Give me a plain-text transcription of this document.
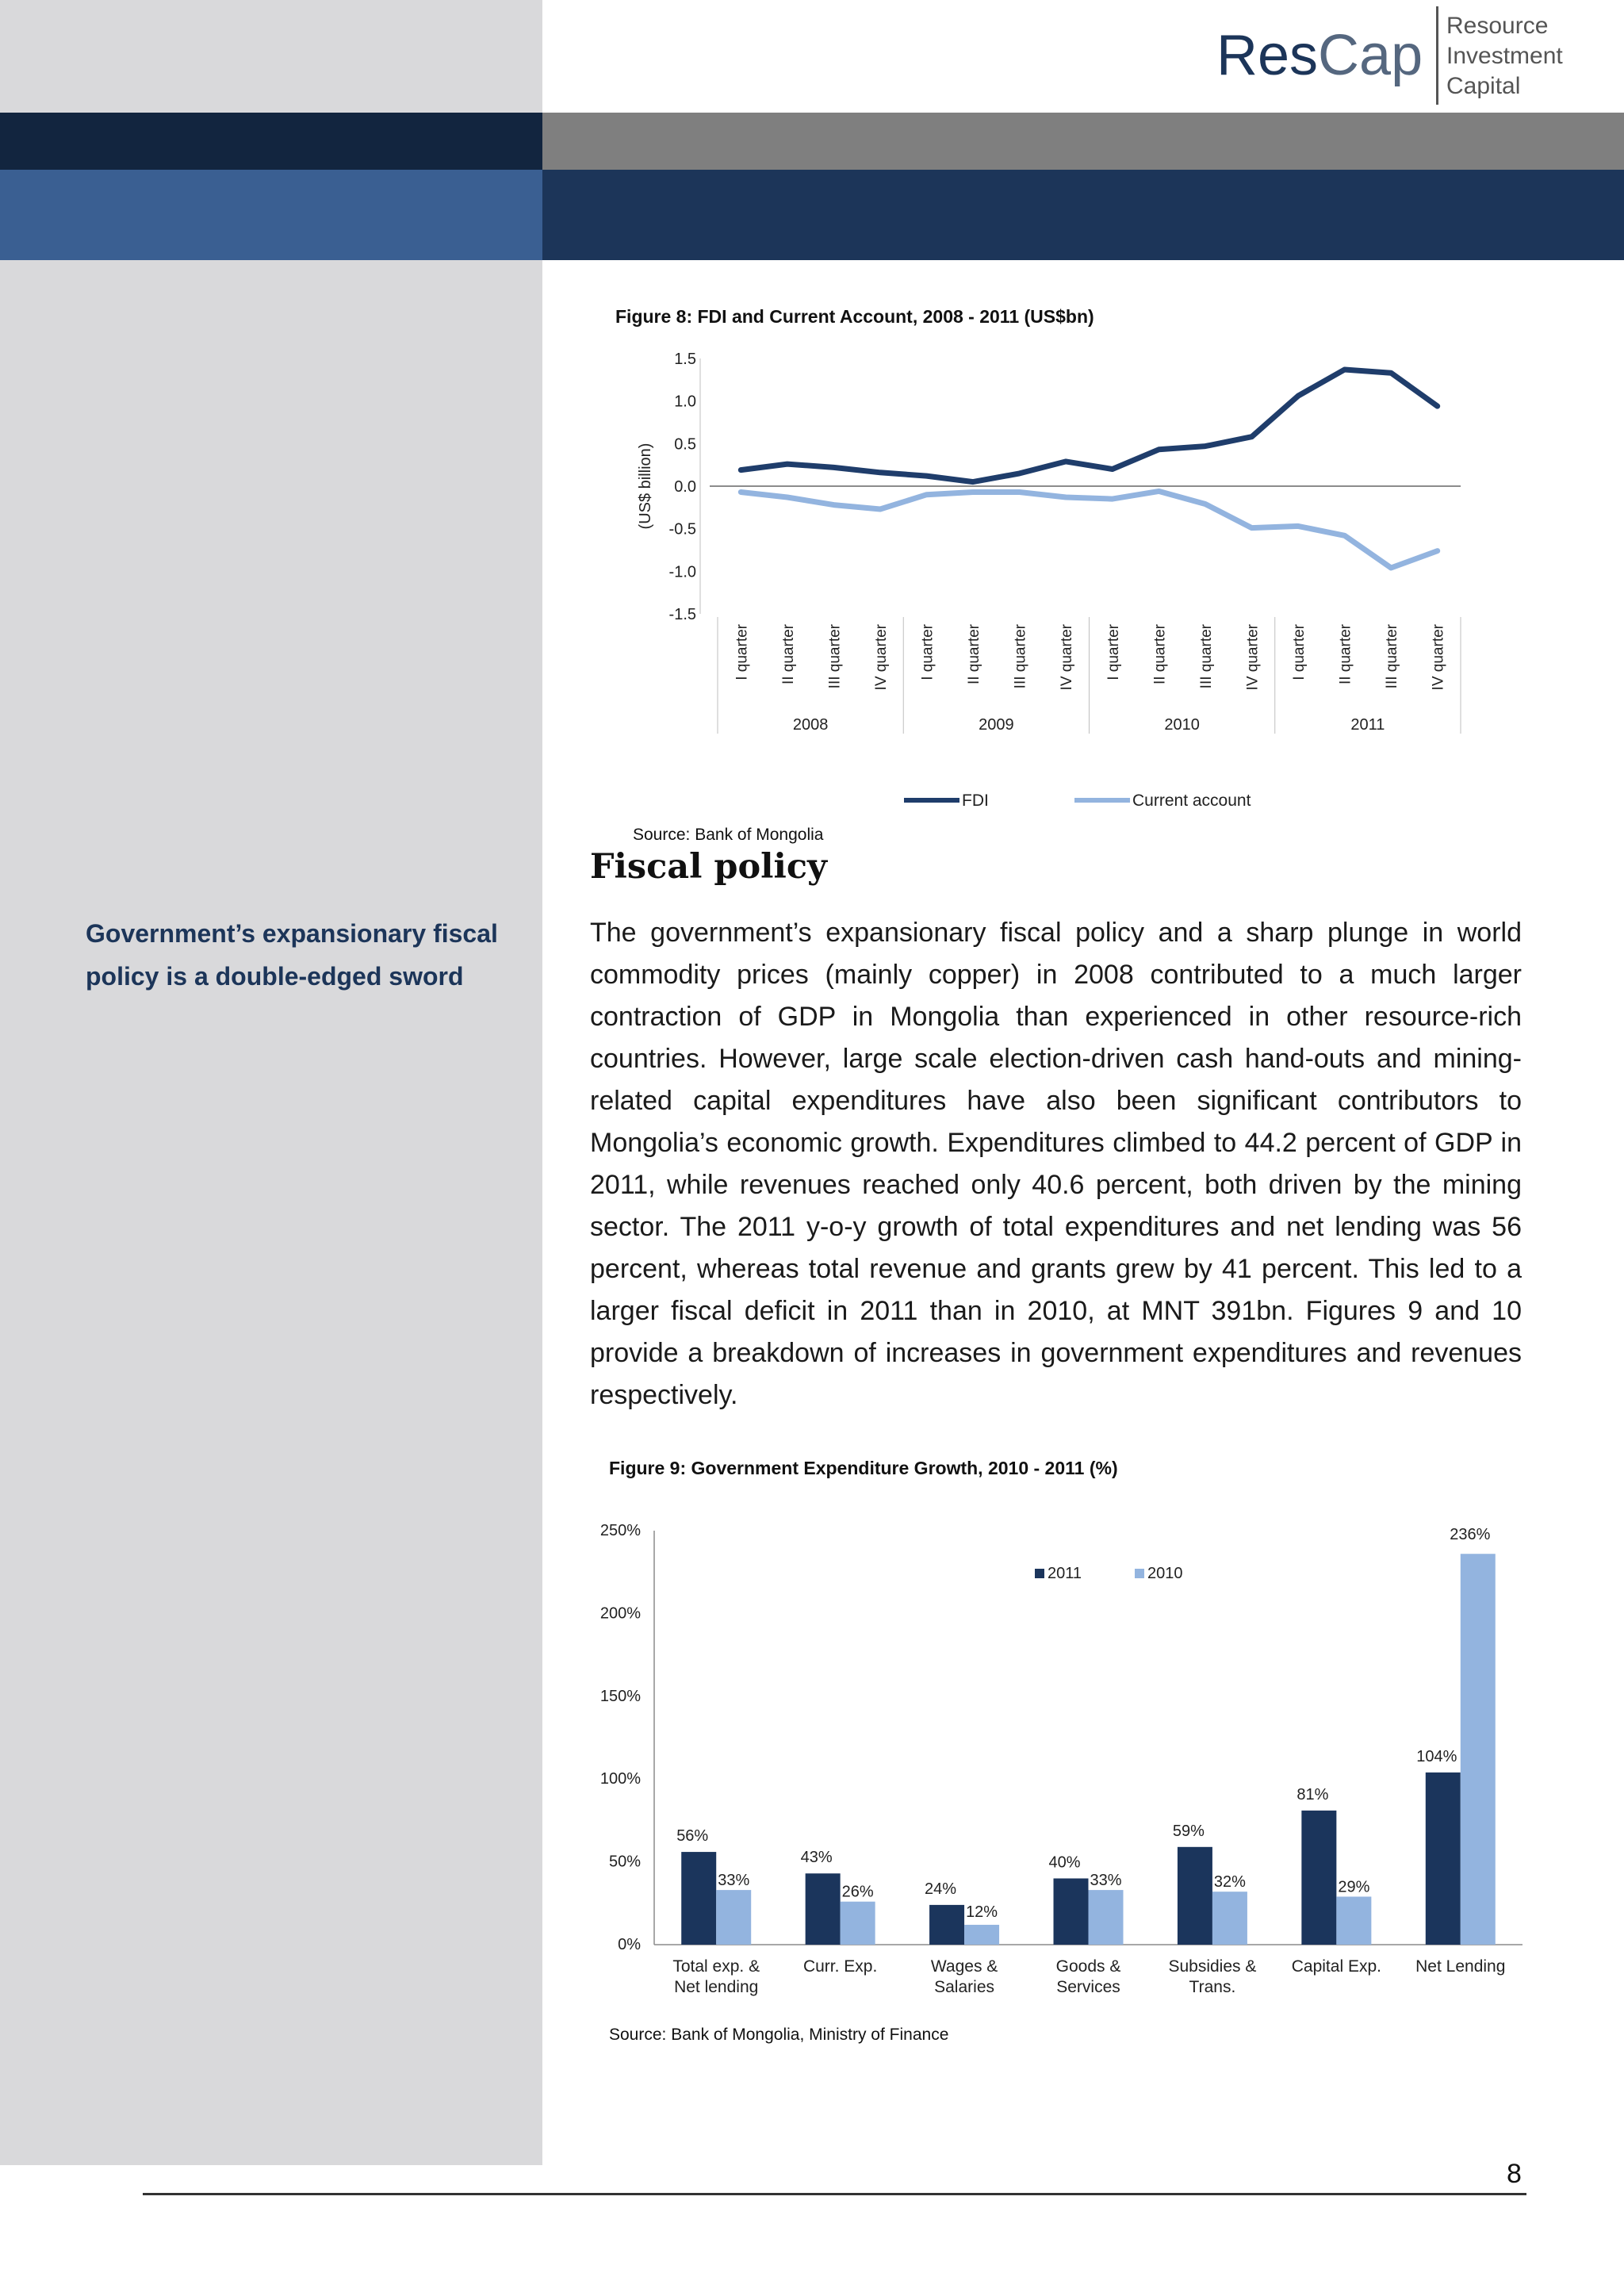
ResCap Resource
Investment
Capital
Figure 8: FDI and Current Account, 2008 - 2011 (US$bn)
1.5
1.0
0.5
0.0
-0.5
-1.0
-1.5
(US$ billion)
I quarter II quarter III quarter IV quarter I quarter II quarter III quarter IV quarter I quarter II quarter III quarter IV quarter I quarter II quarter III quarter IV quarter
2008	2009	2010	2011
FDI	Current account
Source: Bank of Mongolia
Fiscal policy
Government’s expansionary fiscal policy is a double-edged sword
The government’s expansionary fiscal policy and a sharp plunge in world commodity prices (mainly copper) in 2008 contributed to a much larger contraction of GDP in Mongolia than experienced in other resource-rich countries. However, large scale election-driven cash hand-outs and mining-related capital expenditures have also been significant contributors to Mongolia’s economic growth. Expenditures climbed to 44.2 percent of GDP in 2011, while revenues reached only 40.6 percent, both driven by the mining sector. The 2011 y-o-y growth of total expenditures and net lending was 56 percent, whereas total revenue and grants grew by 41 percent. This led to a larger fiscal deficit in 2011 than in 2010, at MNT 391bn. Figures 9 and 10 provide a breakdown of increases in government expenditures and revenues respectively.
Figure 9: Government Expenditure Growth, 2010 - 2011 (%)
250%
200%
150%
100%
50%
0%
56%
33%
Total exp. &
Net lending
43%
26%
Curr. Exp.
24%
12%
Wages &
Salaries
40%
33%
Goods &
Services
59%
32%
Subsidies &
Trans.
81%
29%
Capital Exp.
104%
236%
Net Lending
2011	2010
Source: Bank of Mongolia, Ministry of Finance
8
